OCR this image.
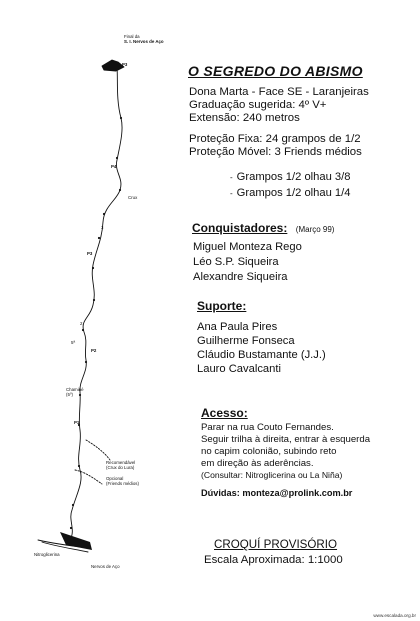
Final da
S. I. Nervos de Aço
P3
P4
Crux
3
P3
2
5ª
P2
Chaminé
(5º)
P1
Recomendável
(Crux do Lura)
Opcional
(Friends médios)
Nitroglicerina
Nervos de Aço
O SEGREDO DO ABISMO
Dona Marta - Face SE - Laranjeiras
Graduação sugerida: 4º V+
Extensão: 240 metros
Proteção Fixa: 24 grampos de 1/2
Proteção Móvel: 3 Friends médios
- Grampos 1/2 olhau 3/8
- Grampos 1/2 olhau 1/4
Conquistadores: (Março 99)
Miguel Monteza Rego
Léo S.P. Siqueira
Alexandre Siqueira
Suporte:
Ana Paula Pires
Guilherme Fonseca
Cláudio Bustamante (J.J.)
Lauro Cavalcanti
Acesso:
Parar na rua Couto Fernandes.
Seguir trilha à direita, entrar à esquerda
no capim colonião, subindo reto
em direção às aderências.
(Consultar: Nitroglicerina ou La Niña)
Dúvidas: monteza@prolink.com.br
CROQUÍ PROVISÓRIO
Escala Aproximada: 1:1000
www.escalada.org.br
